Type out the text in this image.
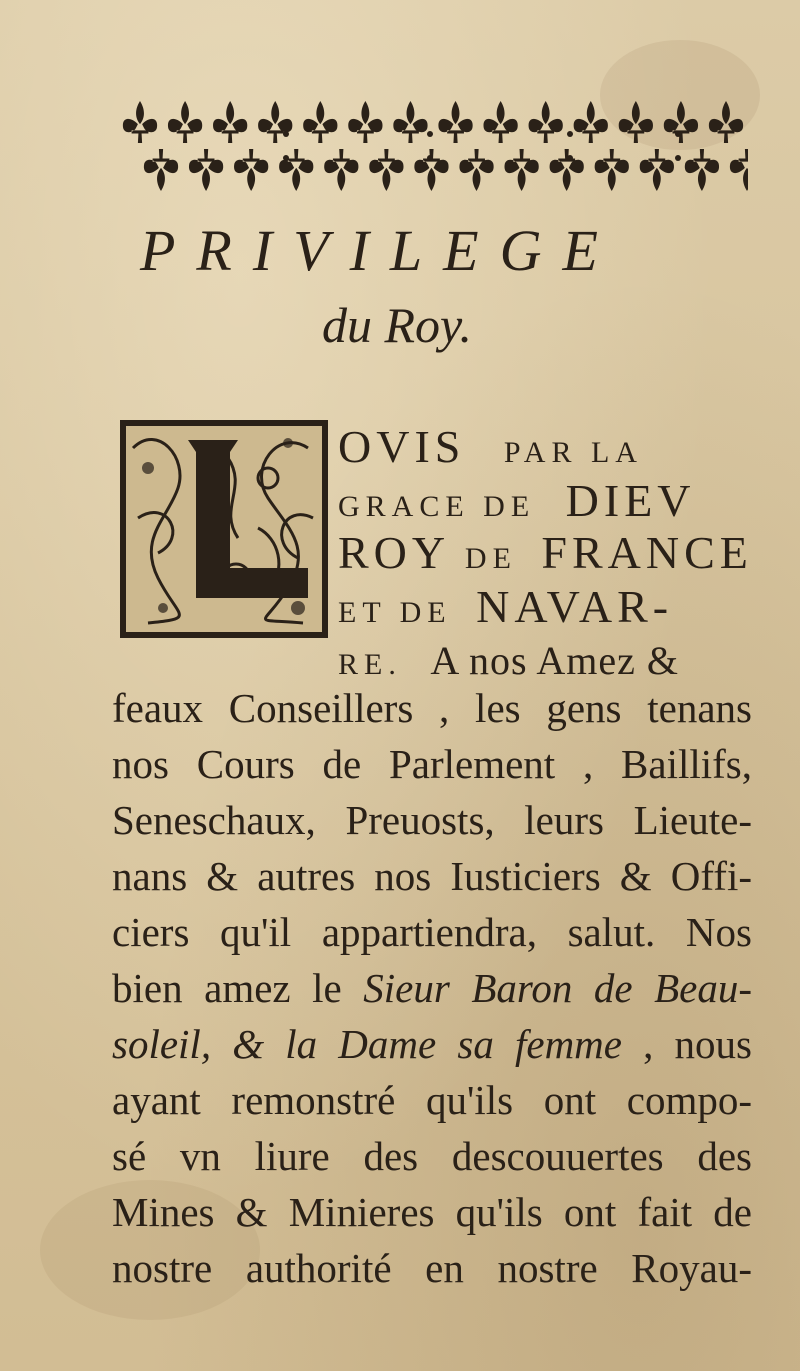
PRIVILEGE
du Roy.
OVIS PAR LA
GRACE DE DIEV
ROY DE FRANCE
ET DE NAVAR-
RE. A nos Amez &
feaux Conseillers , les gens tenans
nos Cours de Parlement , Baillifs,
Seneschaux, Preuosts, leurs Lieute-
nans & autres nos Iusticiers & Offi-
ciers qu'il appartiendra, salut. Nos
bien amez le Sieur Baron de Beau-
soleil, & la Dame sa femme , nous
ayant remonstré qu'ils ont compo-
sé vn liure des descouuertes des
Mines & Minieres qu'ils ont fait de
nostre authorité en nostre Royau-
